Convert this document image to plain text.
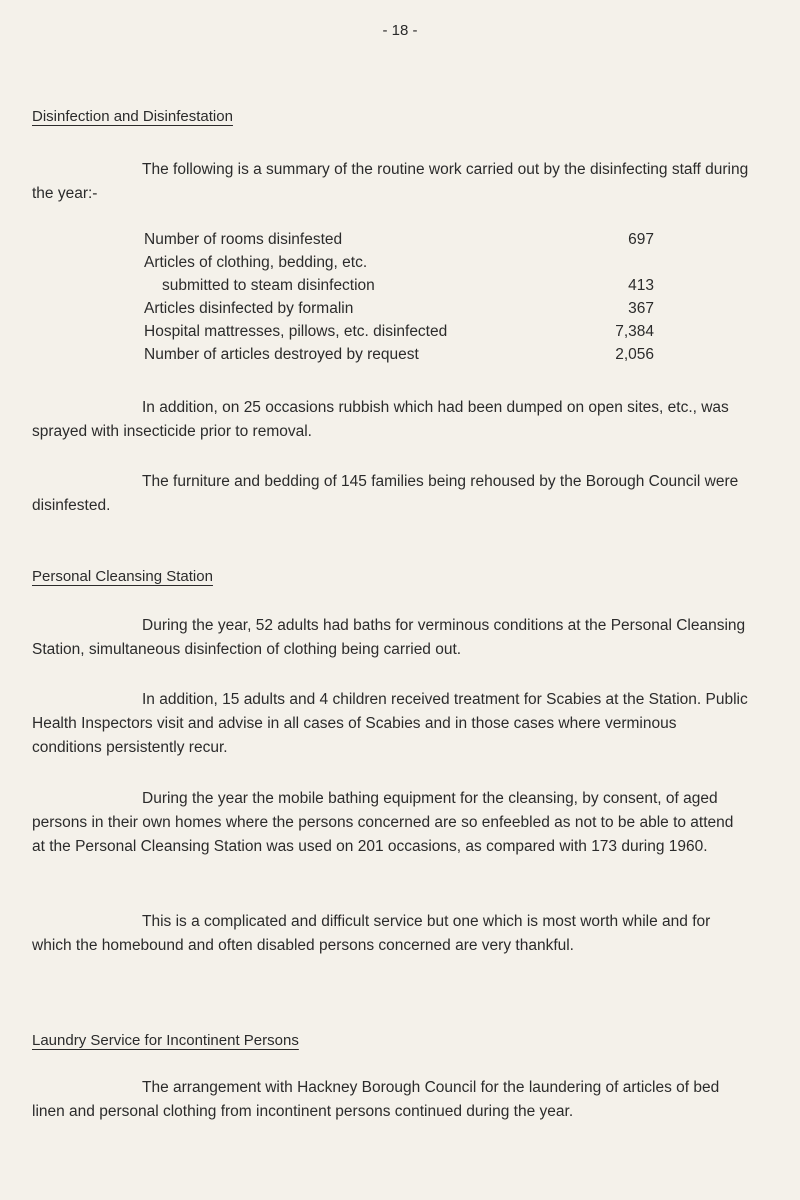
- 18 -
Disinfection and Disinfestation
The following is a summary of the routine work carried out by the disinfecting staff during the year:-
Number of rooms disinfested	697
Articles of clothing, bedding, etc.
submitted to steam disinfection	413
Articles disinfected by formalin	367
Hospital mattresses, pillows, etc. disinfected	7,384
Number of articles destroyed by request	2,056
In addition, on 25 occasions rubbish which had been dumped on open sites, etc., was sprayed with insecticide prior to removal.
The furniture and bedding of 145 families being rehoused by the Borough Council were disinfested.
Personal Cleansing Station
During the year, 52 adults had baths for verminous conditions at the Personal Cleansing Station, simultaneous disinfection of clothing being carried out.
In addition, 15 adults and 4 children received treatment for Scabies at the Station. Public Health Inspectors visit and advise in all cases of Scabies and in those cases where verminous conditions persistently recur.
During the year the mobile bathing equipment for the cleansing, by consent, of aged persons in their own homes where the persons concerned are so enfeebled as not to be able to attend at the Personal Cleansing Station was used on 201 occasions, as compared with 173 during 1960.
This is a complicated and difficult service but one which is most worth while and for which the homebound and often disabled persons concerned are very thankful.
Laundry Service for Incontinent Persons
The arrangement with Hackney Borough Council for the laundering of articles of bed linen and personal clothing from incontinent persons continued during the year.
